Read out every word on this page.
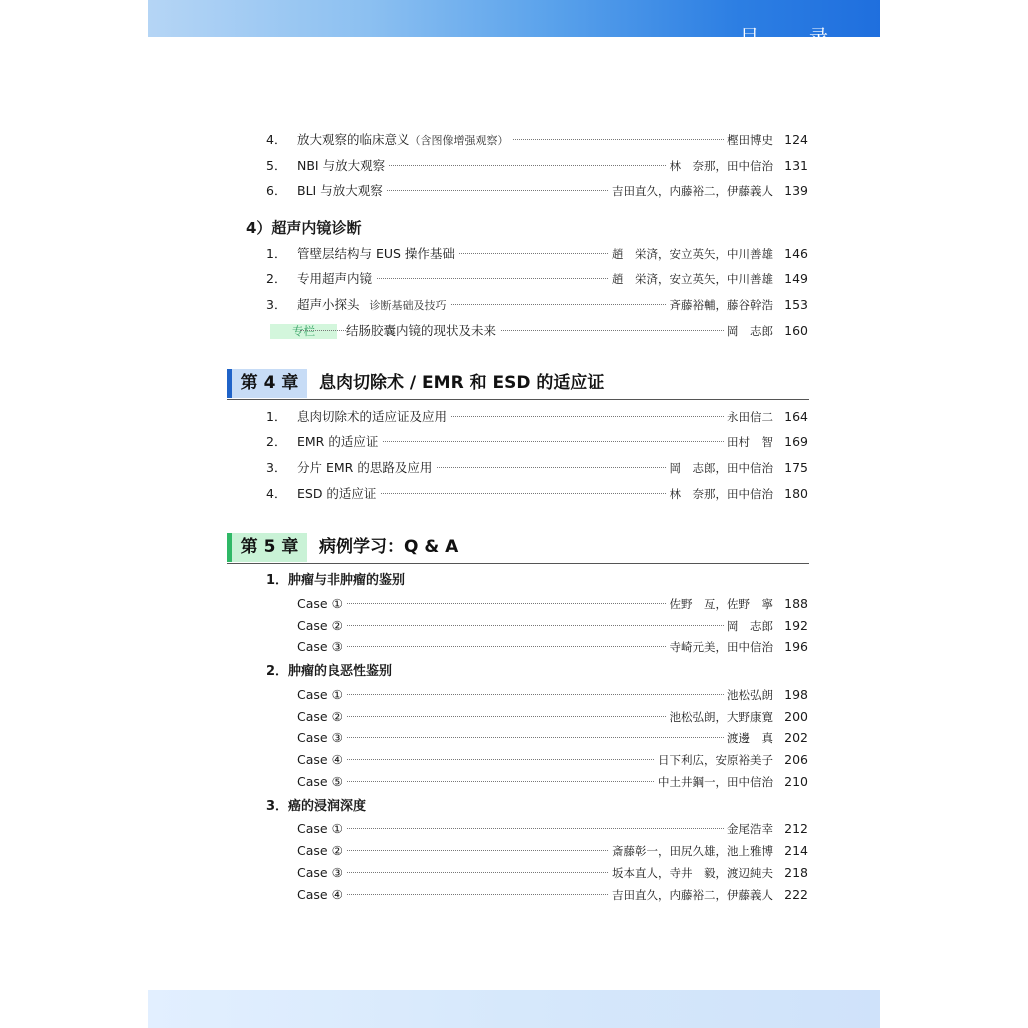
目 录
4． 放大观察的临床意义（含图像增强观察）	樫田博史 124
5． NBI 与放大观察	林　奈那，田中信治 131
6． BLI 与放大观察	吉田直久，内藤裕二，伊藤義人 139
4）超声内镜诊断
1． 管壁层结构与 EUS 操作基础	趙　栄済，安立英矢，中川善雄 146
2． 专用超声内镜	趙　栄済，安立英矢，中川善雄 149
3． 超声小探头 诊断基础及技巧	斉藤裕輔，藤谷幹浩 153
专栏	结肠胶囊内镜的现状及未来	岡　志郎 160
第 4 章	息肉切除术 / EMR 和 ESD 的适应证
1． 息肉切除术的适应证及应用	永田信二 164
2． EMR 的适应证	田村　智 169
3． 分片 EMR 的思路及应用	岡　志郎，田中信治 175
4． ESD 的适应证	林　奈那，田中信治 180
第 5 章	病例学习：Q & A
1．肿瘤与非肿瘤的鉴别
Case ①	佐野　亙，佐野　寧 188
Case ②	岡　志郎 192
Case ③	寺崎元美，田中信治 196
2．肿瘤的良恶性鉴别
Case ①	池松弘朗 198
Case ②	池松弘朗，大野康寛 200
Case ③	渡邊　真 202
Case ④	日下利広，安原裕美子 206
Case ⑤	中土井鋼一，田中信治 210
3．癌的浸润深度
Case ①	金尾浩幸 212
Case ②	斎藤彰一，田尻久雄，池上雅博 214
Case ③	坂本直人，寺井　毅，渡辺純夫 218
Case ④	吉田直久，内藤裕二，伊藤義人 222
